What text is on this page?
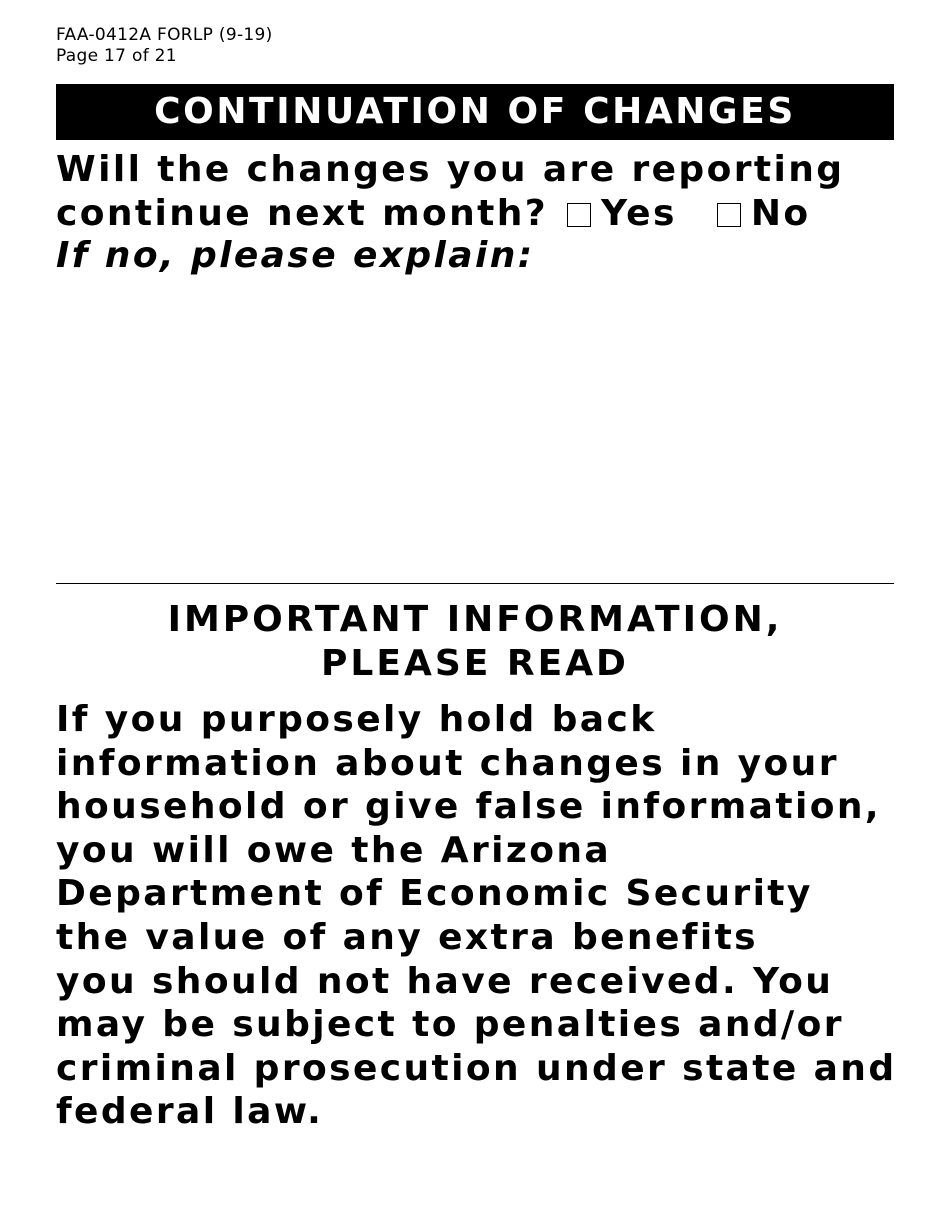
FAA-0412A FORLP (9-19)
Page 17 of 21
CONTINUATION OF CHANGES
Will the changes you are reporting
continue next month? Yes No
If no, please explain:
IMPORTANT INFORMATION,
PLEASE READ
If you purposely hold back
information about changes in your
household or give false information,
you will owe the Arizona
Department of Economic Security
the value of any extra benefits
you should not have received. You
may be subject to penalties and/or
criminal prosecution under state and
federal law.
